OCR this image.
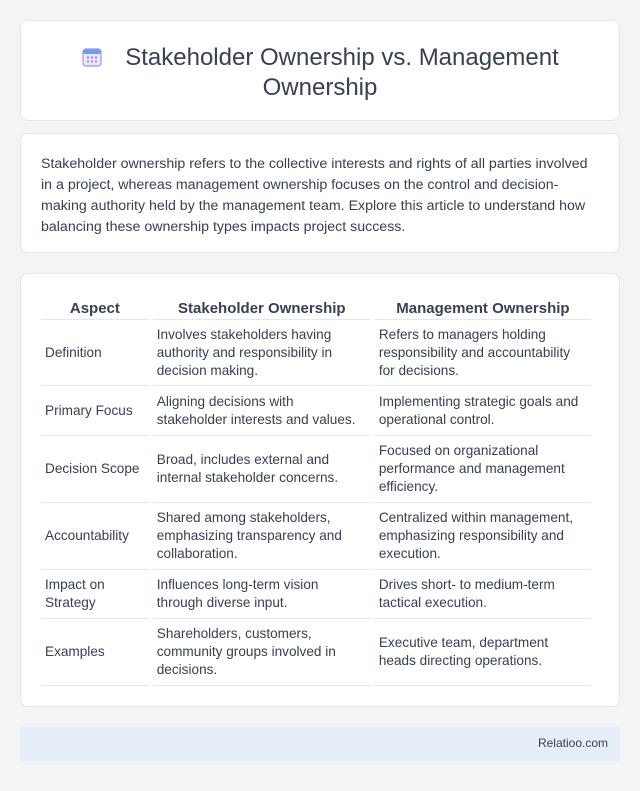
Stakeholder Ownership vs. Management Ownership

Stakeholder ownership refers to the collective interests and rights of all parties involved in a project, whereas management ownership focuses on the control and decision-making authority held by the management team. Explore this article to understand how balancing these ownership types impacts project success.

Aspect	Stakeholder Ownership	Management Ownership
Definition	Involves stakeholders having authority and responsibility in decision making.	Refers to managers holding responsibility and accountability for decisions.
Primary Focus	Aligning decisions with stakeholder interests and values.	Implementing strategic goals and operational control.
Decision Scope	Broad, includes external and internal stakeholder concerns.	Focused on organizational performance and management efficiency.
Accountability	Shared among stakeholders, emphasizing transparency and collaboration.	Centralized within management, emphasizing responsibility and execution.
Impact on Strategy	Influences long-term vision through diverse input.	Drives short- to medium-term tactical execution.
Examples	Shareholders, customers, community groups involved in decisions.	Executive team, department heads directing operations.
Relatioo.com
